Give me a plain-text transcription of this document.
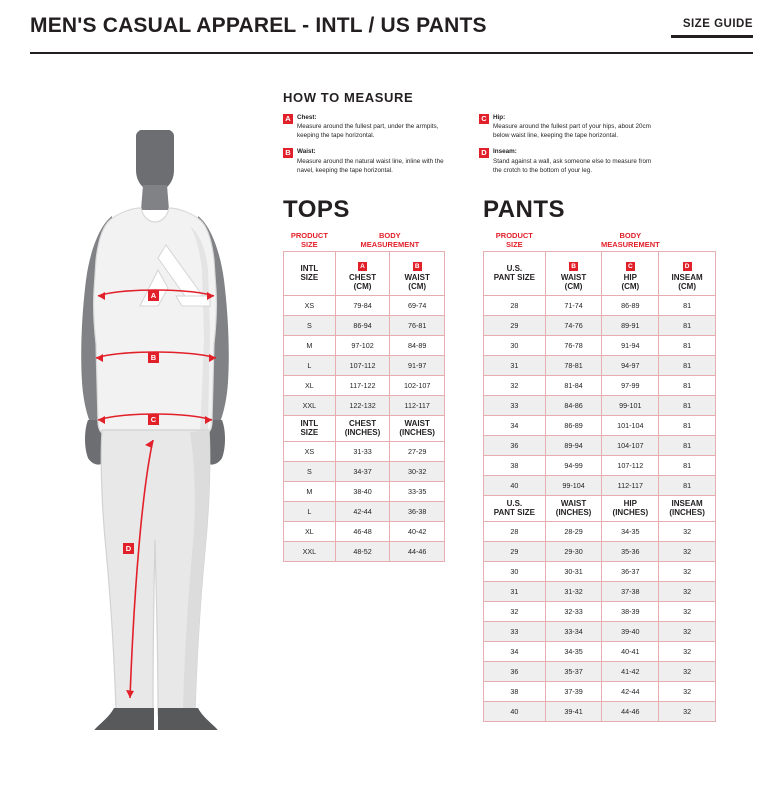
MEN'S CASUAL APPAREL - INTL / US PANTS	SIZE GUIDE
HOW TO MEASURE
A Chest:
Measure around the fullest part, under the armpits, keeping the tape horizontal.
B Waist:
Measure around the natural waist line, inline with the navel, keeping the tape horizontal.
C Hip:
Measure around the fullest part of your hips, about 20cm below waist line, keeping the tape horizontal.
D Inseam:
Stand against a wall, ask someone else to measure from the crotch to the bottom of your leg.
A
B
C
D
TOPS
PRODUCT
SIZE

BODY
MEASUREMENT

INTL
SIZE
	A
CHEST
(CM)
	B
WAIST
(CM)

XS	79-84	69-74
S	86-94	76-81
M	97-102	84-89
L	107-112	91-97
XL	117-122	102-107
XXL	122-132	112-117

INTL
SIZE

CHEST
(INCHES)

WAIST
(INCHES)

XS	31-33	27-29
S	34-37	30-32
M	38-40	33-35
L	42-44	36-38
XL	46-48	40-42
XXL	48-52	44-46
PANTS
PRODUCT
SIZE

BODY
MEASUREMENT

U.S.
PANT SIZE
	B
WAIST
(CM)
	C
HIP
(CM)
	D
INSEAM
(CM)

28	71-74	86-89	81
29	74-76	89-91	81
30	76-78	91-94	81
31	78-81	94-97	81
32	81-84	97-99	81
33	84-86	99-101	81
34	86-89	101-104	81
36	89-94	104-107	81
38	94-99	107-112	81
40	99-104	112-117	81

U.S.
PANT SIZE

WAIST
(INCHES)

HIP
(INCHES)

INSEAM
(INCHES)

28	28-29	34-35	32
29	29-30	35-36	32
30	30-31	36-37	32
31	31-32	37-38	32
32	32-33	38-39	32
33	33-34	39-40	32
34	34-35	40-41	32
36	35-37	41-42	32
38	37-39	42-44	32
40	39-41	44-46	32
